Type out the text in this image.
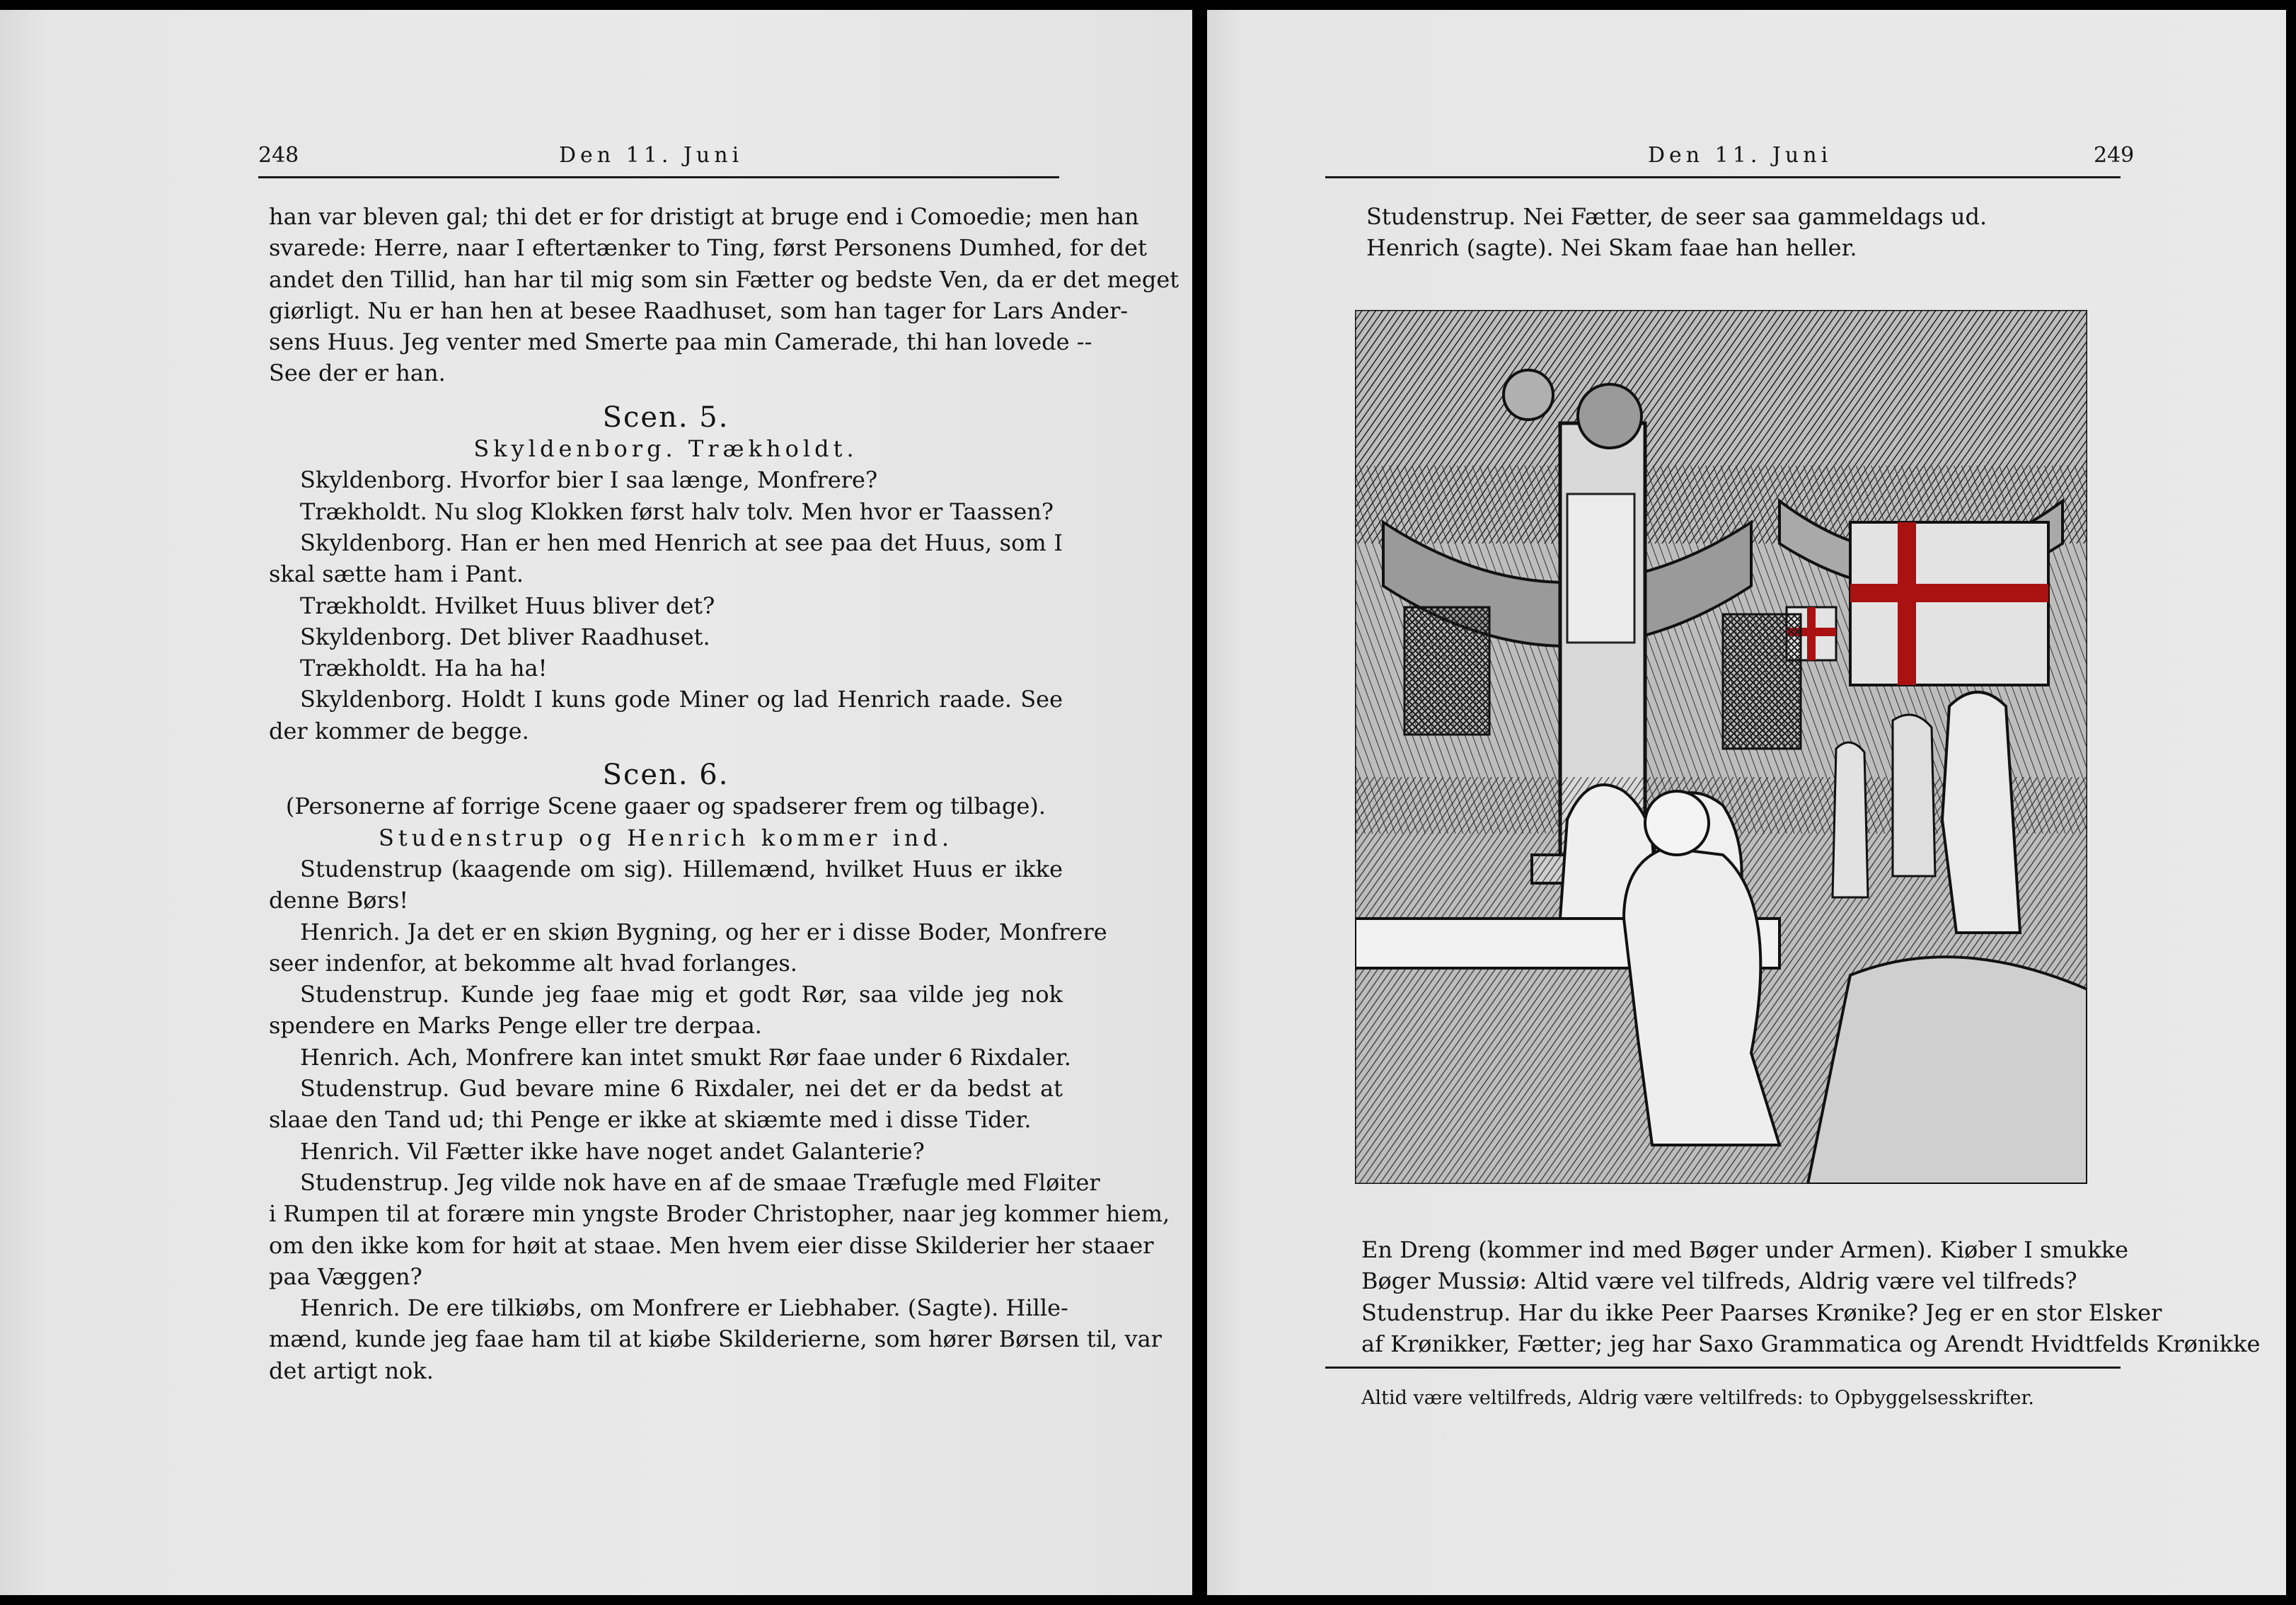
248	Den 11. Juni
han var bleven gal; thi det er for dristigt at bruge end i Comoedie; men han
svarede: Herre, naar I eftertænker to Ting, først Personens Dumhed, for det
andet den Tillid, han har til mig som sin Fætter og bedste Ven, da er det meget
giørligt. Nu er han hen at besee Raadhuset, som han tager for Lars Ander-
sens Huus. Jeg venter med Smerte paa min Camerade, thi han lovede --
See der er han.
Scen. 5.
Skyldenborg. Trækholdt.
Skyldenborg. Hvorfor bier I saa længe, Monfrere?
Trækholdt. Nu slog Klokken først halv tolv. Men hvor er Taassen?
Skyldenborg. Han er hen med Henrich at see paa det Huus, som I
skal sætte ham i Pant.
Trækholdt. Hvilket Huus bliver det?
Skyldenborg. Det bliver Raadhuset.
Trækholdt. Ha ha ha!
Skyldenborg. Holdt I kuns gode Miner og lad Henrich raade. See
der kommer de begge.
Scen. 6.
(Personerne af forrige Scene gaaer og spadserer frem og tilbage).
Studenstrup og Henrich kommer ind.
Studenstrup (kaagende om sig). Hillemænd, hvilket Huus er ikke
denne Børs!
Henrich. Ja det er en skiøn Bygning, og her er i disse Boder, Monfrere
seer indenfor, at bekomme alt hvad forlanges.
Studenstrup. Kunde jeg faae mig et godt Rør, saa vilde jeg nok
spendere en Marks Penge eller tre derpaa.
Henrich. Ach, Monfrere kan intet smukt Rør faae under 6 Rixdaler.
Studenstrup. Gud bevare mine 6 Rixdaler, nei det er da bedst at
slaae den Tand ud; thi Penge er ikke at skiæmte med i disse Tider.
Henrich. Vil Fætter ikke have noget andet Galanterie?
Studenstrup. Jeg vilde nok have en af de smaae Træfugle med Fløiter
i Rumpen til at forære min yngste Broder Christopher, naar jeg kommer hiem,
om den ikke kom for høit at staae. Men hvem eier disse Skilderier her staaer
paa Væggen?
Henrich. De ere tilkiøbs, om Monfrere er Liebhaber. (Sagte). Hille-
mænd, kunde jeg faae ham til at kiøbe Skilderierne, som hører Børsen til, var
det artigt nok.
Den 11. Juni	249
Studenstrup. Nei Fætter, de seer saa gammeldags ud.
Henrich (sagte). Nei Skam faae han heller.
En Dreng (kommer ind med Bøger under Armen). Kiøber I smukke
Bøger Mussiø: Altid være vel tilfreds, Aldrig være vel tilfreds?
Studenstrup. Har du ikke Peer Paarses Krønike? Jeg er en stor Elsker
af Krønikker, Fætter; jeg har Saxo Grammatica og Arendt Hvidtfelds Krønikke
Altid være veltilfreds, Aldrig være veltilfreds: to Opbyggelsesskrifter.
